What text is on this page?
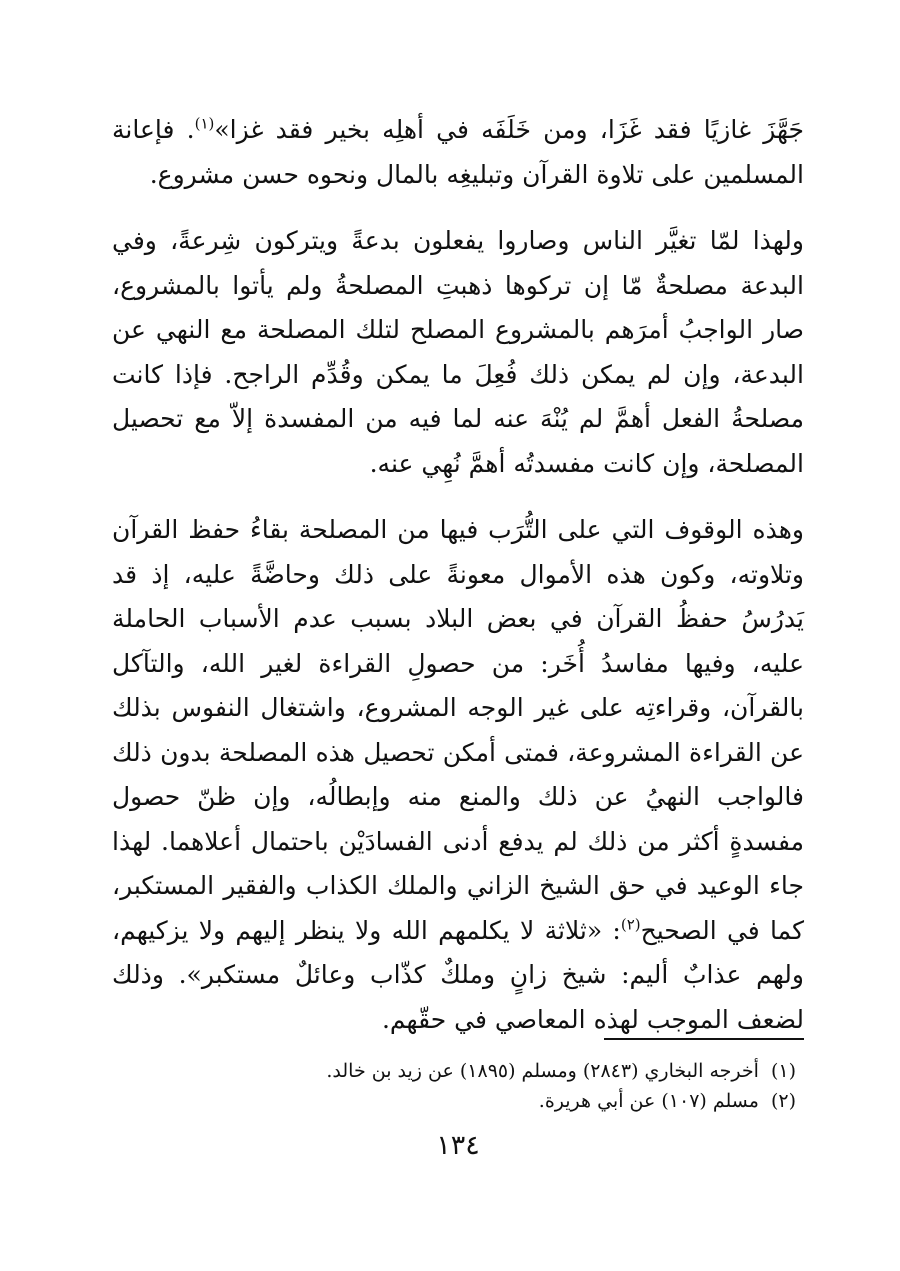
جَهَّزَ غازيًا فقد غَزَا، ومن خَلَفَه في أهلِه بخير فقد غزا»$^{(١)}$. فإعانة المسلمين على تلاوة القرآن وتبليغِه بالمال ونحوه حسن مشروع.

ولهذا لمّا تغيَّر الناس وصاروا يفعلون بدعةً ويتركون شِرعةً، وفي البدعة مصلحةٌ مّا إن تركوها ذهبتِ المصلحةُ ولم يأتوا بالمشروع، صار الواجبُ أمرَهم بالمشروع المصلح لتلك المصلحة مع النهي عن البدعة، وإن لم يمكن ذلك فُعِلَ ما يمكن وقُدِّم الراجح. فإذا كانت مصلحةُ الفعل أهمَّ لم يُنْهَ عنه لما فيه من المفسدة إلاّ مع تحصيل المصلحة، وإن كانت مفسدتُه أهمَّ نُهِي عنه.

وهذه الوقوف التي على التُّرَب فيها من المصلحة بقاءُ حفظ القرآن وتلاوته، وكون هذه الأموال معونةً على ذلك وحاضَّةً عليه، إذ قد يَدرُسُ حفظُ القرآن في بعض البلاد بسبب عدم الأسباب الحاملة عليه، وفيها مفاسدُ أُخَر: من حصولِ القراءة لغير الله، والتآكل بالقرآن، وقراءتِه على غير الوجه المشروع، واشتغال النفوس بذلك عن القراءة المشروعة، فمتى أمكن تحصيل هذه المصلحة بدون ذلك فالواجب النهيُ عن ذلك والمنع منه وإبطالُه، وإن ظنّ حصول مفسدةٍ أكثر من ذلك لم يدفع أدنى الفسادَيْن باحتمال أعلاهما. لهذا جاء الوعيد في حق الشيخ الزاني والملك الكذاب والفقير المستكبر، كما في الصحيح$^{(٢)}$: «ثلاثة لا يكلمهم الله ولا ينظر إليهم ولا يزكيهم، ولهم عذابٌ أليم: شيخ زانٍ وملكٌ كذّاب وعائلٌ مستكبر». وذلك لضعف الموجب لهذه المعاصي في حقّهم.

(١)أخرجه البخاري (٢٨٤٣) ومسلم (١٨٩٥) عن زيد بن خالد.

(٢)مسلم (١٠٧) عن أبي هريرة.

١٣٤
